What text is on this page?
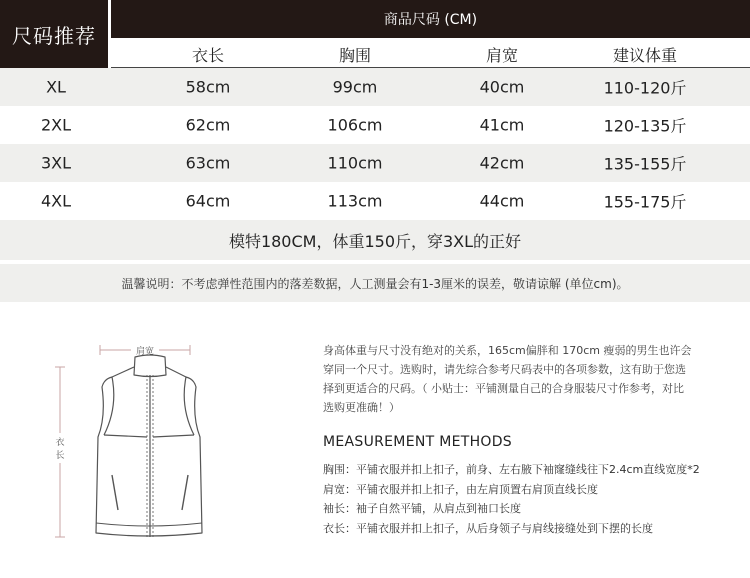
尺码推荐
商品尺码 (CM)
衣长	胸围	肩宽	建议体重
XL	58cm	99cm	40cm	110-120斤
2XL	62cm	106cm	41cm	120-135斤
3XL	63cm	110cm	42cm	135-155斤
4XL	64cm	113cm	44cm	155-175斤
模特180CM，体重150斤，穿3XL的正好
温馨说明：不考虑弹性范围内的落差数据，人工测量会有1-3厘米的误差，敬请谅解 (单位cm)。
肩宽
衣
长
身高体重与尺寸没有绝对的关系，165cm偏胖和 170cm 瘦弱的男生也许会
穿同一个尺寸。选购时，请先综合参考尺码表中的各项参数，这有助于您选
择到更适合的尺码。（ 小贴士：平铺测量自己的合身服装尺寸作参考，对比
选购更准确！）
MEASUREMENT METHODS
胸围：平铺衣服并扣上扣子，前身、左右腋下袖窿缝线往下2.4cm直线宽度*2
肩宽：平铺衣服并扣上扣子，由左肩顶置右肩顶直线长度
袖长：袖子自然平铺，从肩点到袖口长度
衣长：平铺衣服并扣上扣子，从后身领子与肩线接缝处到下摆的长度
